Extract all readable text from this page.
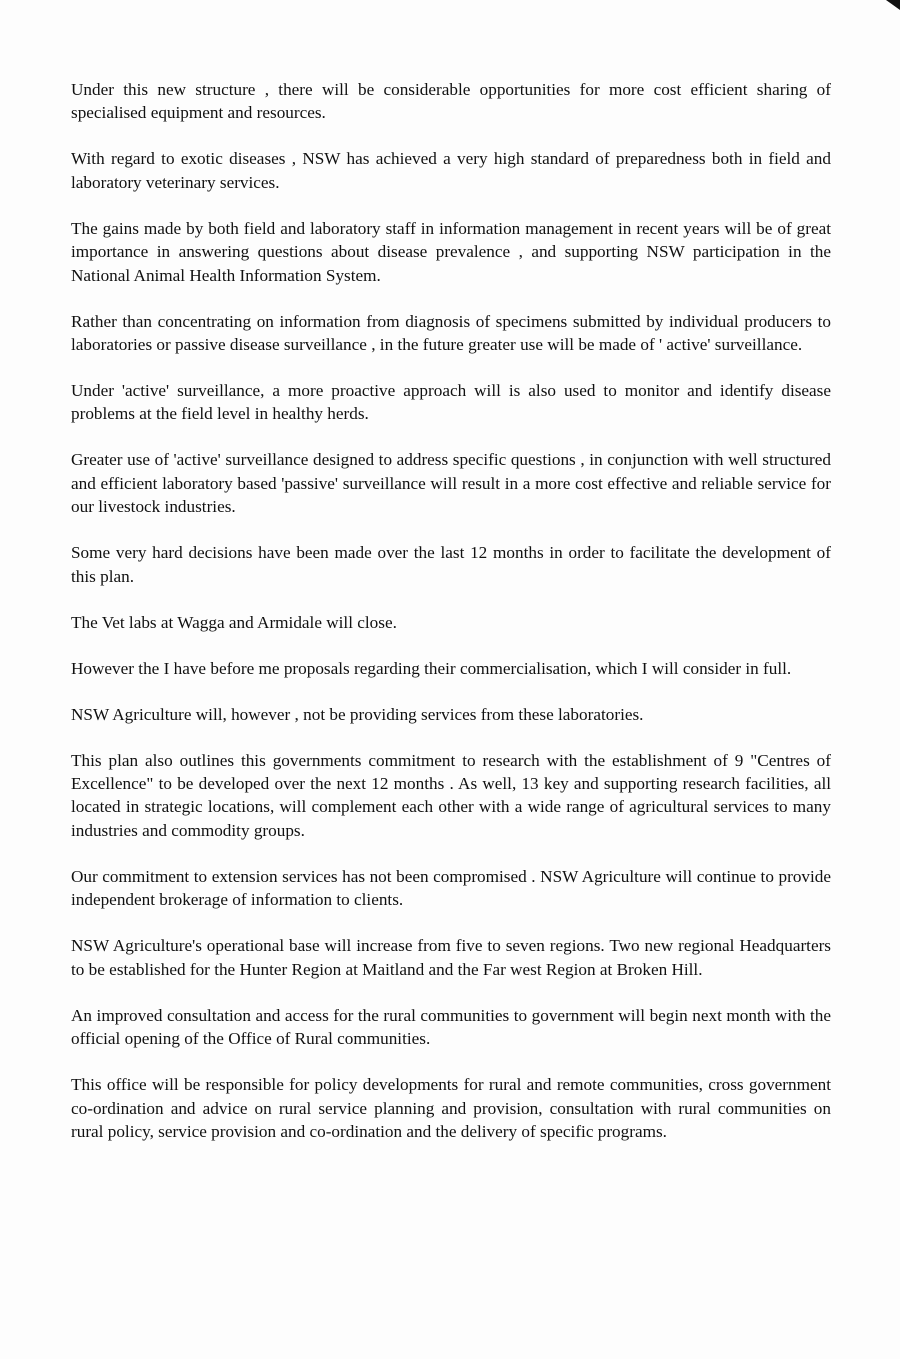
Under this new structure , there will be considerable opportunities for more cost efficient sharing of specialised equipment and resources.

With regard to exotic diseases , NSW has achieved a very high standard of preparedness both in field and laboratory veterinary services.

The gains made by both field and laboratory staff in information management in recent years will be of great importance in answering questions about disease prevalence , and supporting NSW participation in the National Animal Health Information System.

Rather than concentrating on information from diagnosis of specimens submitted by individual producers to laboratories or passive disease surveillance , in the future greater use will be made of ' active' surveillance.

Under 'active' surveillance, a more proactive approach will is also used to monitor and identify disease problems at the field level in healthy herds.

Greater use of 'active' surveillance designed to address specific questions , in conjunction with well structured and efficient laboratory based 'passive' surveillance will result in a more cost effective and reliable service for our livestock industries.

Some very hard decisions have been made over the last 12 months in order to facilitate the development of this plan.

The Vet labs at Wagga and Armidale will close.

However the I have before me proposals regarding their commercialisation, which I will consider in full.

NSW Agriculture will, however , not be providing services from these laboratories.

This plan also outlines this governments commitment to research with the establishment of 9 "Centres of Excellence" to be developed over the next 12 months . As well, 13 key and supporting research facilities, all located in strategic locations, will complement each other with a wide range of agricultural services to many industries and commodity groups.

Our commitment to extension services has not been compromised . NSW Agriculture will continue to provide independent brokerage of information to clients.

NSW Agriculture's operational base will increase from five to seven regions. Two new regional Headquarters to be established for the Hunter Region at Maitland and the Far west Region at Broken Hill.

An improved consultation and access for the rural communities to government will begin next month with the official opening of the Office of Rural communities.

This office will be responsible for policy developments for rural and remote communities, cross government co-ordination and advice on rural service planning and provision, consultation with rural communities on rural policy, service provision and co-ordination and the delivery of specific programs.
